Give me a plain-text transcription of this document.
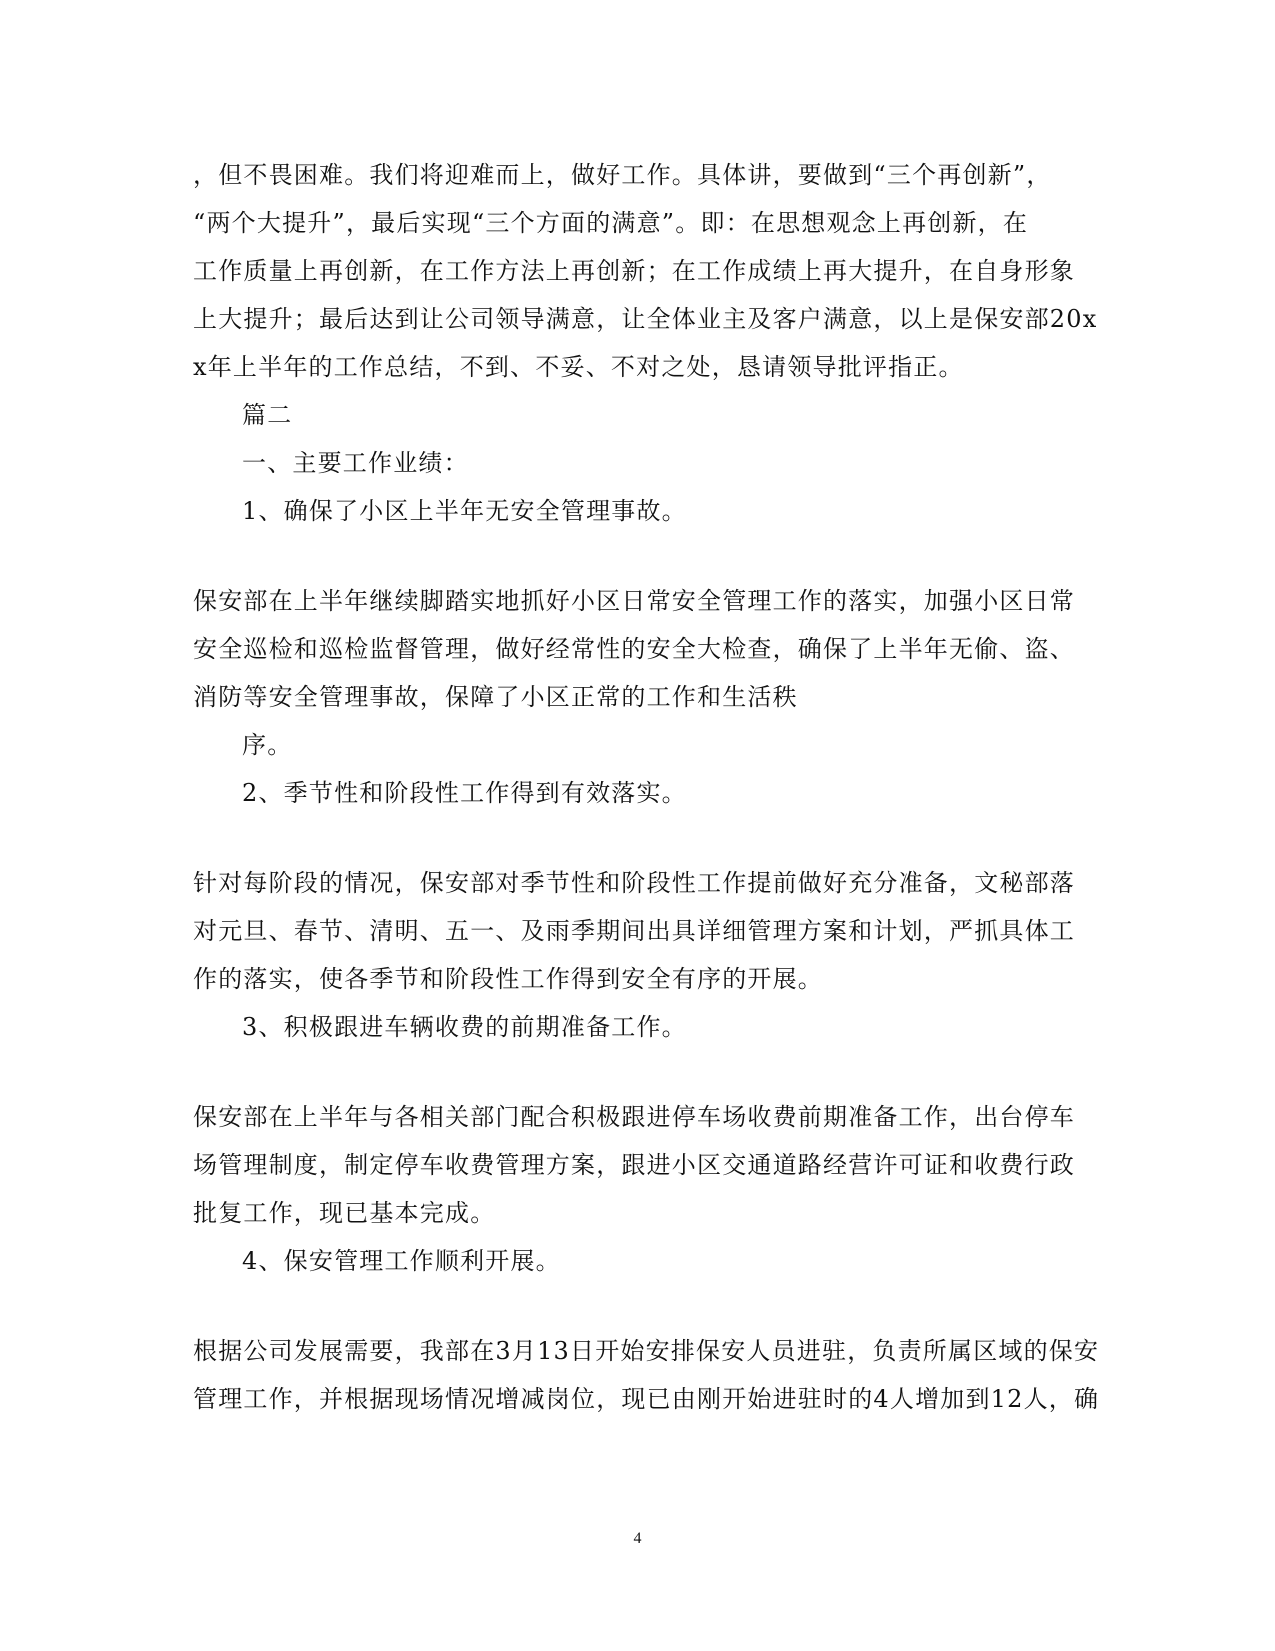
，但不畏困难。我们将迎难而上，做好工作。具体讲，要做到“三个再创新”，
“两个大提升”，最后实现“三个方面的满意”。即：在思想观念上再创新，在
工作质量上再创新，在工作方法上再创新；在工作成绩上再大提升，在自身形象
上大提升；最后达到让公司领导满意，让全体业主及客户满意，以上是保安部20x
x年上半年的工作总结，不到、不妥、不对之处，恳请领导批评指正。
篇二
一、主要工作业绩：
1、确保了小区上半年无安全管理事故。
保安部在上半年继续脚踏实地抓好小区日常安全管理工作的落实，加强小区日常
安全巡检和巡检监督管理，做好经常性的安全大检查，确保了上半年无偷、盗、
消防等安全管理事故，保障了小区正常的工作和生活秩
序。
2、季节性和阶段性工作得到有效落实。
针对每阶段的情况，保安部对季节性和阶段性工作提前做好充分准备，文秘部落
对元旦、春节、清明、五一、及雨季期间出具详细管理方案和计划，严抓具体工
作的落实，使各季节和阶段性工作得到安全有序的开展。
3、积极跟进车辆收费的前期准备工作。
保安部在上半年与各相关部门配合积极跟进停车场收费前期准备工作，出台停车
场管理制度，制定停车收费管理方案，跟进小区交通道路经营许可证和收费行政
批复工作，现已基本完成。
4、保安管理工作顺利开展。
根据公司发展需要，我部在3月13日开始安排保安人员进驻，负责所属区域的保安
管理工作，并根据现场情况增减岗位，现已由刚开始进驻时的4人增加到12人，确
4
